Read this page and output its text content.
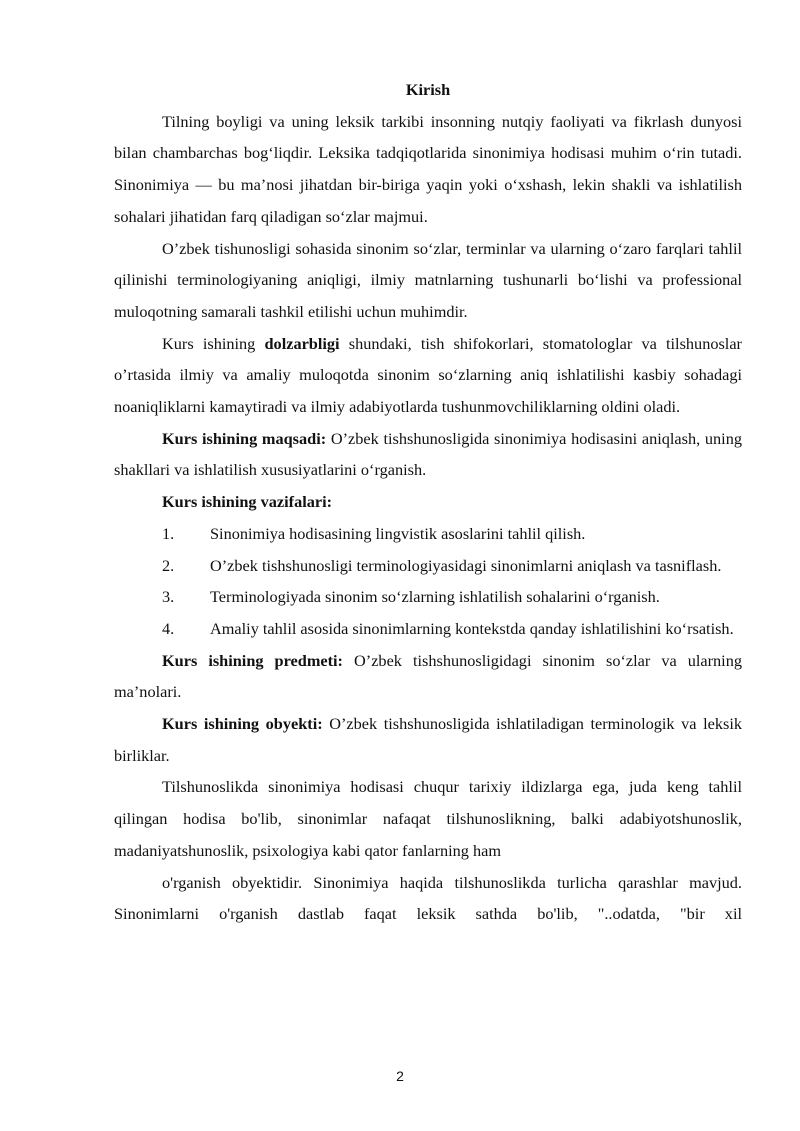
Kirish

Tilning boyligi va uning leksik tarkibi insonning nutqiy faoliyati va fikrlash dunyosi bilan chambarchas bog‘liqdir. Leksika tadqiqotlarida sinonimiya hodisasi muhim o‘rin tutadi. Sinonimiya — bu ma’nosi jihatdan bir-biriga yaqin yoki o‘xshash, lekin shakli va ishlatilish sohalari jihatidan farq qiladigan so‘zlar majmui.

O’zbek tishunosligi sohasida sinonim so‘zlar, terminlar va ularning o‘zaro farqlari tahlil qilinishi terminologiyaning aniqligi, ilmiy matnlarning tushunarli bo‘lishi va professional muloqotning samarali tashkil etilishi uchun muhimdir.

Kurs ishining dolzarbligi shundaki, tish shifokorlari, stomatologlar va tilshunoslar o’rtasida ilmiy va amaliy muloqotda sinonim so‘zlarning aniq ishlatilishi kasbiy sohadagi noaniqliklarni kamaytiradi va ilmiy adabiyotlarda tushunmovchiliklarning oldini oladi.

Kurs ishining maqsadi: O’zbek tishshunosligida sinonimiya hodisasini aniqlash, uning shakllari va ishlatilish xususiyatlarini o‘rganish.

Kurs ishining vazifalari:
1. Sinonimiya hodisasining lingvistik asoslarini tahlil qilish.
2. O’zbek tishshunosligi terminologiyasidagi sinonimlarni aniqlash va tasniflash.
3. Terminologiyada sinonim so‘zlarning ishlatilish sohalarini o‘rganish.
4. Amaliy tahlil asosida sinonimlarning kontekstda qanday ishlatilishini ko‘rsatish.

Kurs ishining predmeti: O’zbek tishshunosligidagi sinonim so‘zlar va ularning ma’nolari.

Kurs ishining obyekti: O’zbek tishshunosligida ishlatiladigan terminologik va leksik birliklar.

Tilshunoslikda sinonimiya hodisasi chuqur tarixiy ildizlarga ega, juda keng tahlil qilingan hodisa bo'lib, sinonimlar nafaqat tilshunoslikning, balki adabiyotshunoslik, madaniyatshunoslik, psixologiya kabi qator fanlarning ham

o'rganish obyektidir. Sinonimiya haqida tilshunoslikda turlicha qarashlar mavjud. Sinonimlarni o'rganish dastlab faqat leksik sathda bo'lib, "..odatda, "bir xil

2
